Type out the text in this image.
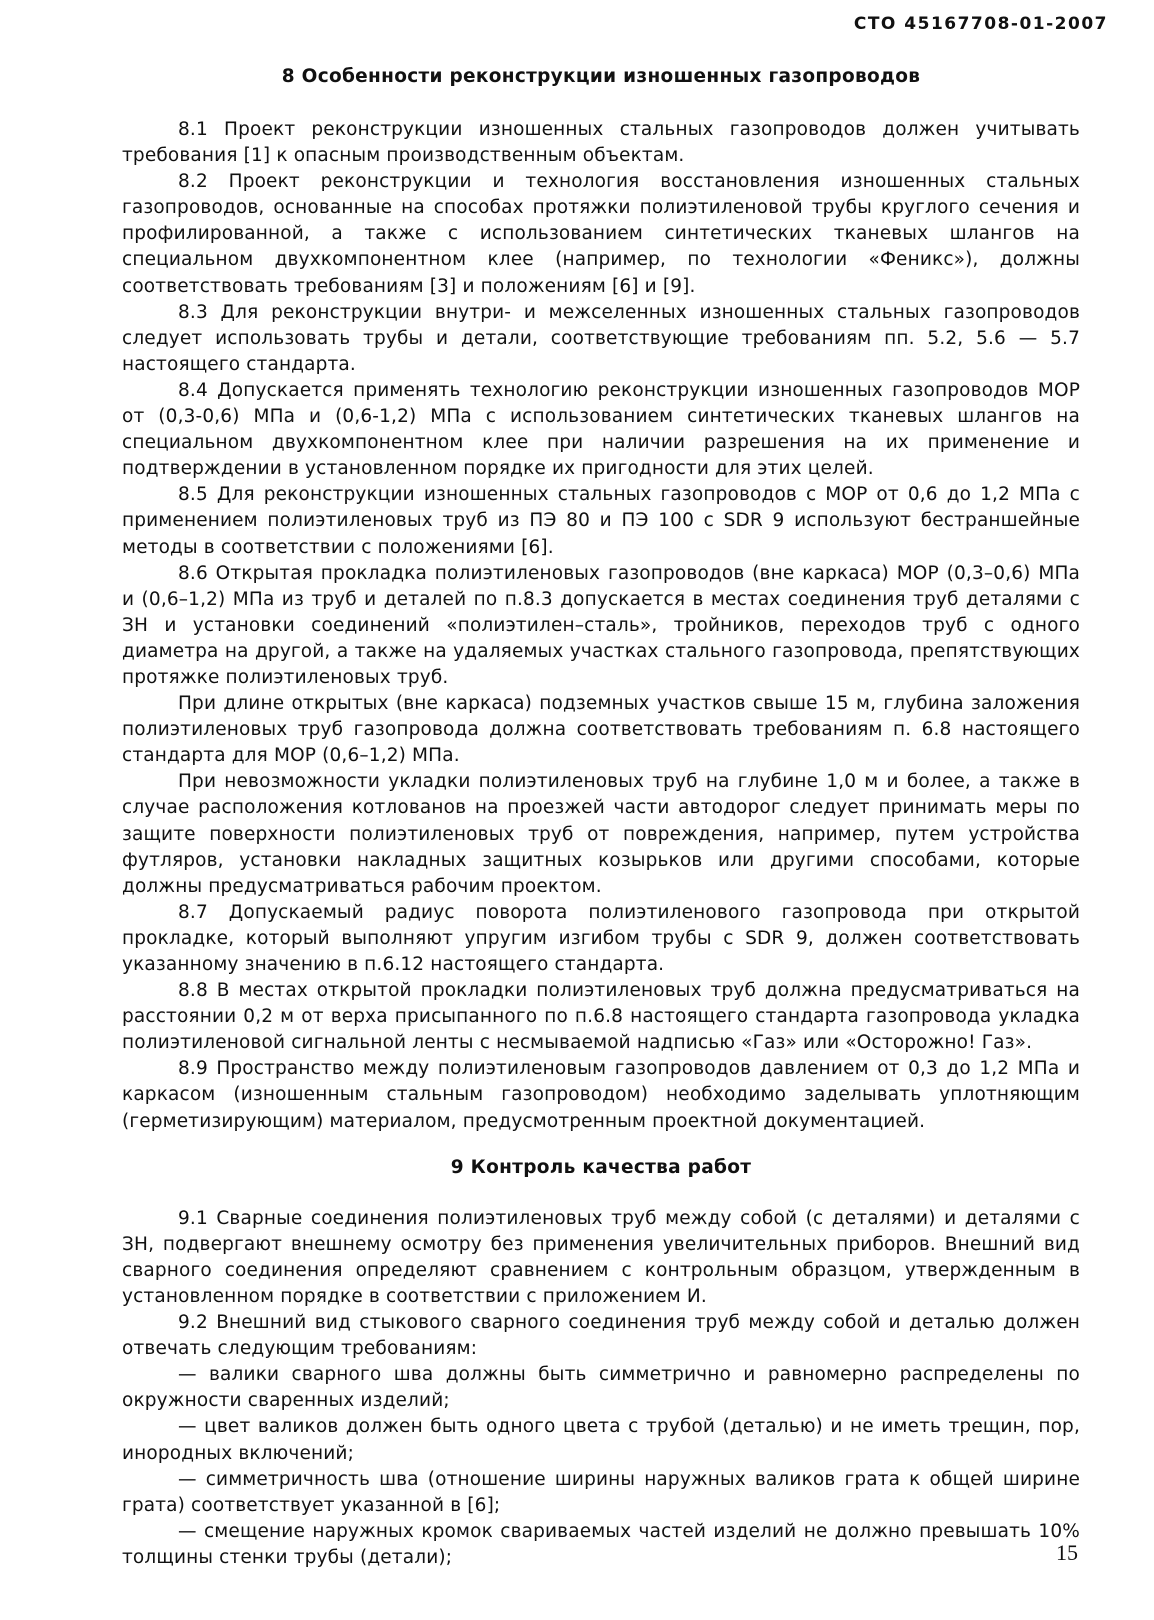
СТО 45167708-01-2007
8 Особенности реконструкции изношенных газопроводов

8.1 Проект реконструкции изношенных стальных газопроводов должен учитывать требования [1] к опасным производственным объектам.

8.2 Проект реконструкции и технология восстановления изношенных стальных газопроводов, основанные на способах протяжки полиэтиленовой трубы круглого сечения и профилированной, а также с использованием синтетических тканевых шлангов на специальном двухкомпонентном клее (например, по технологии «Феникс»), должны соответствовать требованиям [3] и положениям [6] и [9].

8.3 Для реконструкции внутри- и межселенных изношенных стальных газопроводов следует использовать трубы и детали, соответствующие требованиям пп. 5.2, 5.6 — 5.7 настоящего стандарта.

8.4 Допускается применять технологию реконструкции изношенных газопроводов МОР от (0,3-0,6) МПа и (0,6-1,2) МПа с использованием синтетических тканевых шлангов на специальном двухкомпонентном клее при наличии разрешения на их применение и подтверждении в установленном порядке их пригодности для этих целей.

8.5 Для реконструкции изношенных стальных газопроводов с МОР от 0,6 до 1,2 МПа с применением полиэтиленовых труб из ПЭ 80 и ПЭ 100 с SDR 9 используют бестраншейные методы в соответствии с положениями [6].

8.6 Открытая прокладка полиэтиленовых газопроводов (вне каркаса) МОР (0,3–0,6) МПа и (0,6–1,2) МПа из труб и деталей по п.8.3 допускается в местах соединения труб деталями с ЗН и установки соединений «полиэтилен–сталь», тройников, переходов труб с одного диаметра на другой, а также на удаляемых участках стального газопровода, препятствующих протяжке полиэтиленовых труб.

При длине открытых (вне каркаса) подземных участков свыше 15 м, глубина заложения полиэтиленовых труб газопровода должна соответствовать требованиям п. 6.8 настоящего стандарта для МОР (0,6–1,2) МПа.

При невозможности укладки полиэтиленовых труб на глубине 1,0 м и более, а также в случае расположения котлованов на проезжей части автодорог следует принимать меры по защите поверхности полиэтиленовых труб от повреждения, например, путем устройства футляров, установки накладных защитных козырьков или другими способами, которые должны предусматриваться рабочим проектом.

8.7 Допускаемый радиус поворота полиэтиленового газопровода при открытой прокладке, который выполняют упругим изгибом трубы с SDR 9, должен соответствовать указанному значению в п.6.12 настоящего стандарта.

8.8 В местах открытой прокладки полиэтиленовых труб должна предусматриваться на расстоянии 0,2 м от верха присыпанного по п.6.8 настоящего стандарта газопровода укладка полиэтиленовой сигнальной ленты с несмываемой надписью «Газ» или «Осторожно! Газ».

8.9 Пространство между полиэтиленовым газопроводов давлением от 0,3 до 1,2 МПа и каркасом (изношенным стальным газопроводом) необходимо заделывать уплотняющим (герметизирующим) материалом, предусмотренным проектной документацией.

9 Контроль качества работ

9.1 Сварные соединения полиэтиленовых труб между собой (с деталями) и деталями с ЗН, подвергают внешнему осмотру без применения увеличительных приборов. Внешний вид сварного соединения определяют сравнением с контрольным образцом, утвержденным в установленном порядке в соответствии с приложением И.

9.2 Внешний вид стыкового сварного соединения труб между собой и деталью должен отвечать следующим требованиям:

— валики сварного шва должны быть симметрично и равномерно распределены по окружности сваренных изделий;

— цвет валиков должен быть одного цвета с трубой (деталью) и не иметь трещин, пор, инородных включений;

— симметричность шва (отношение ширины наружных валиков грата к общей ширине грата) соответствует указанной в [6];

— смещение наружных кромок свариваемых частей изделий не должно превышать 10% толщины стенки трубы (детали);	15
